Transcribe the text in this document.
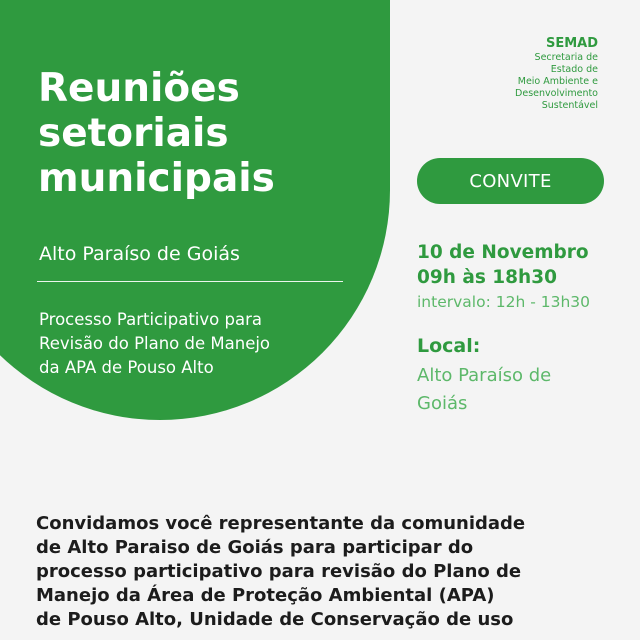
Reuniões
setoriais
municipais
Alto Paraíso de Goiás
Processo Participativo para
Revisão do Plano de Manejo
da APA de Pouso Alto
SEMAD
Secretaria de
Estado de
Meio Ambiente e
Desenvolvimento
Sustentável
CONVITE
10 de Novembro
09h às 18h30
intervalo: 12h - 13h30
Local:
Alto Paraíso de
Goiás
Convidamos você representante da comunidade
de Alto Paraiso de Goiás para participar do
processo participativo para revisão do Plano de
Manejo da Área de Proteção Ambiental (APA)
de Pouso Alto, Unidade de Conservação de uso
